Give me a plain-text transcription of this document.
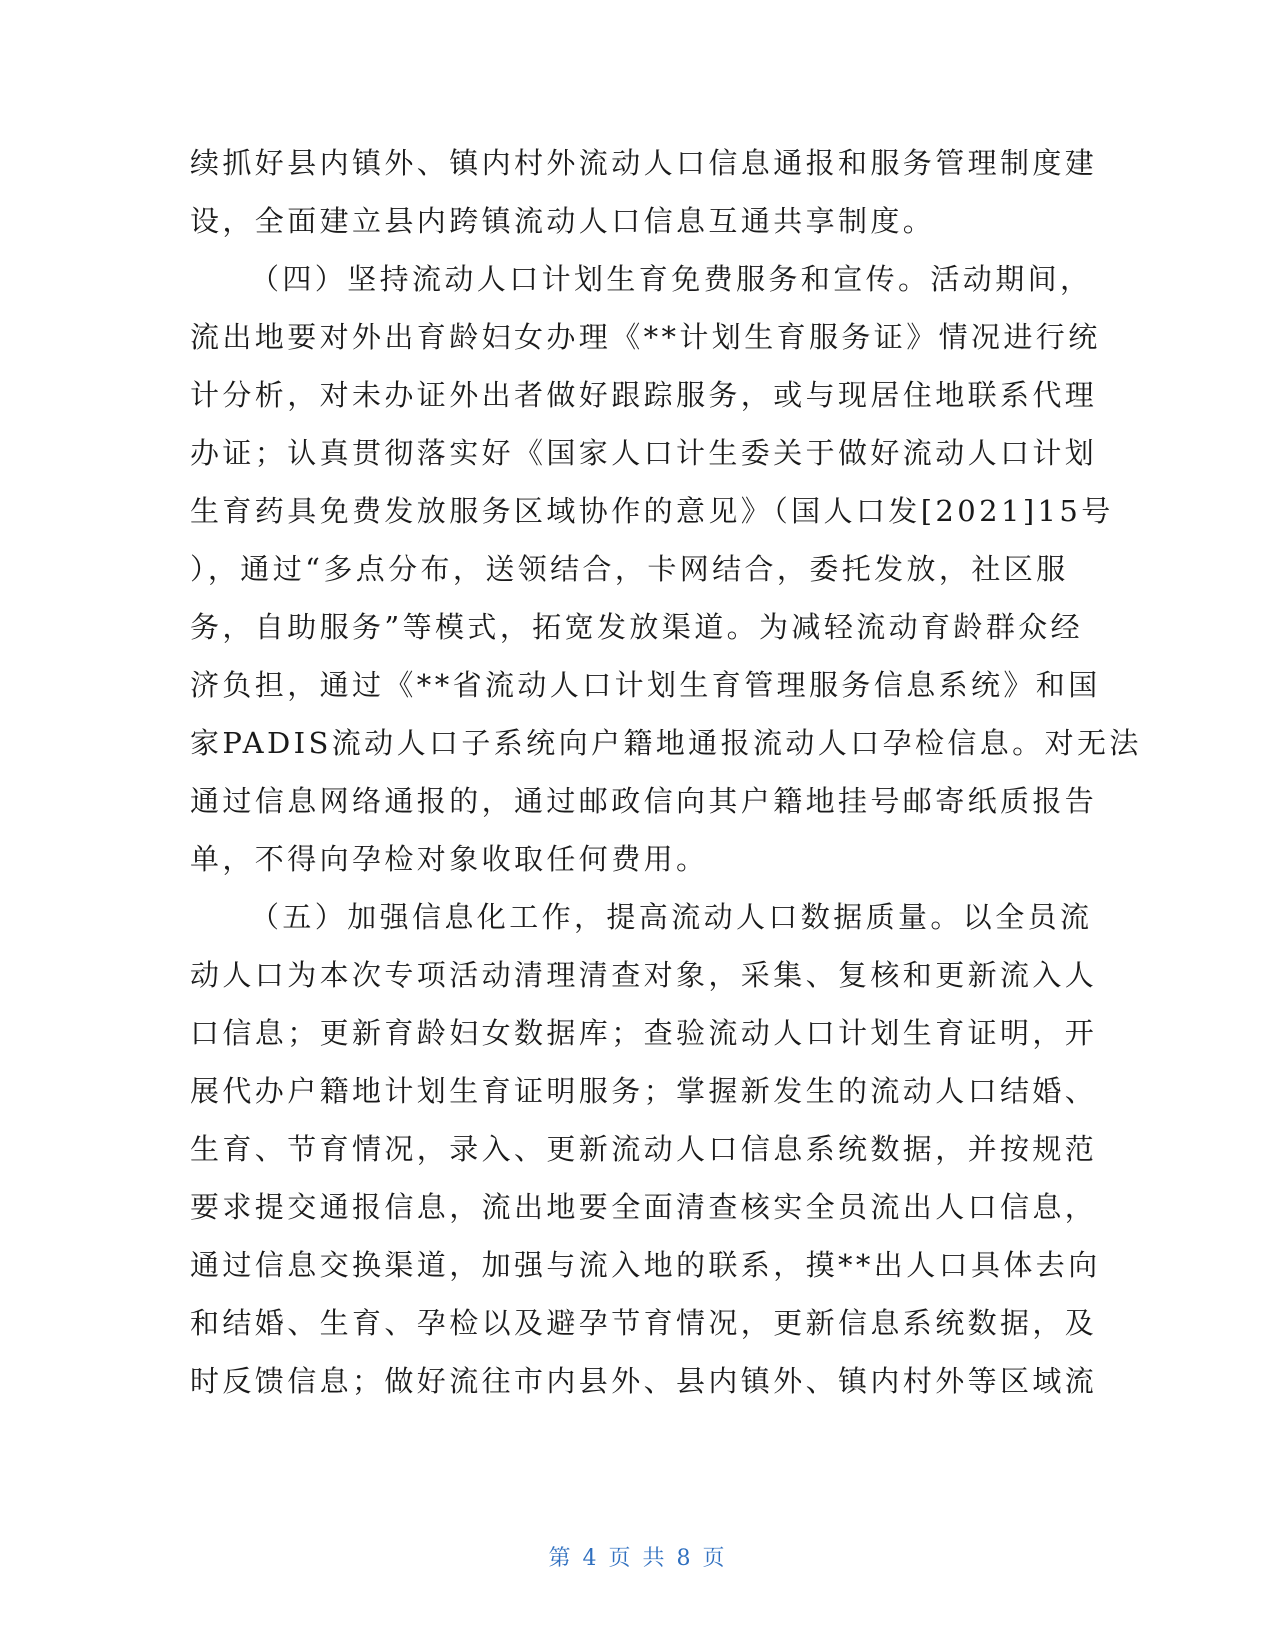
续抓好县内镇外、镇内村外流动人口信息通报和服务管理制度建
设，全面建立县内跨镇流动人口信息互通共享制度。
（四）坚持流动人口计划生育免费服务和宣传。活动期间，
流出地要对外出育龄妇女办理《**计划生育服务证》情况进行统
计分析，对未办证外出者做好跟踪服务，或与现居住地联系代理
办证；认真贯彻落实好《国家人口计生委关于做好流动人口计划
生育药具免费发放服务区域协作的意见》（国人口发[2021]15号
），通过“多点分布，送领结合，卡网结合，委托发放，社区服
务，自助服务”等模式，拓宽发放渠道。为减轻流动育龄群众经
济负担，通过《**省流动人口计划生育管理服务信息系统》和国
家PADIS流动人口子系统向户籍地通报流动人口孕检信息。对无法
通过信息网络通报的，通过邮政信向其户籍地挂号邮寄纸质报告
单，不得向孕检对象收取任何费用。
（五）加强信息化工作，提高流动人口数据质量。以全员流
动人口为本次专项活动清理清查对象，采集、复核和更新流入人
口信息；更新育龄妇女数据库；查验流动人口计划生育证明，开
展代办户籍地计划生育证明服务；掌握新发生的流动人口结婚、
生育、节育情况，录入、更新流动人口信息系统数据，并按规范
要求提交通报信息，流出地要全面清查核实全员流出人口信息，
通过信息交换渠道，加强与流入地的联系，摸**出人口具体去向
和结婚、生育、孕检以及避孕节育情况，更新信息系统数据，及
时反馈信息；做好流往市内县外、县内镇外、镇内村外等区域流
第 4 页 共 8 页
